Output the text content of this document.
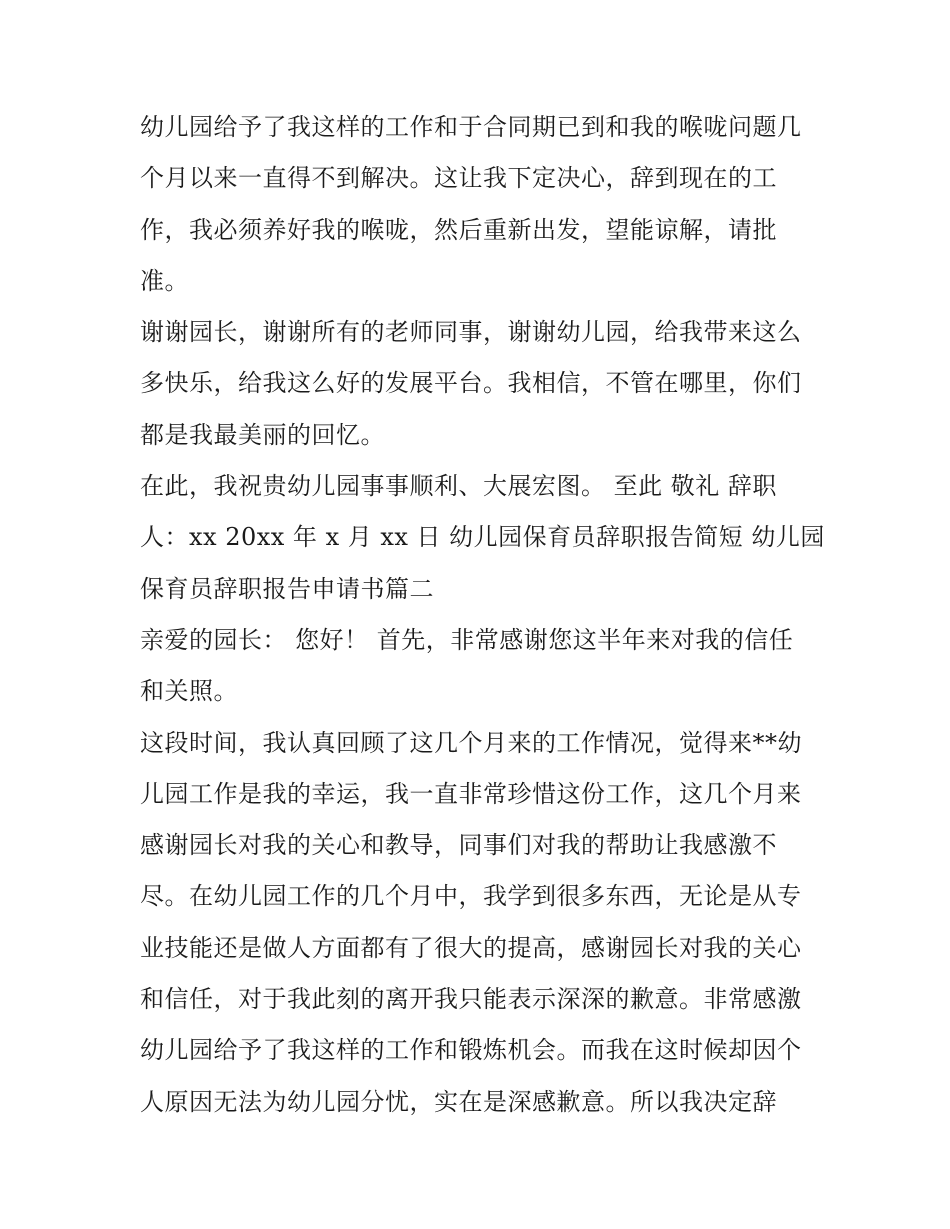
幼儿园给予了我这样的工作和于合同期已到和我的喉咙问题几
个月以来一直得不到解决。这让我下定决心，辞到现在的工
作，我必须养好我的喉咙，然后重新出发，望能谅解，请批
准。
谢谢园长，谢谢所有的老师同事，谢谢幼儿园，给我带来这么
多快乐，给我这么好的发展平台。我相信，不管在哪里，你们
都是我最美丽的回忆。
在此，我祝贵幼儿园事事顺利、大展宏图。 至此 敬礼 辞职
人：xx 20xx 年 x 月 xx 日 幼儿园保育员辞职报告简短 幼儿园
保育员辞职报告申请书篇二
亲爱的园长： 您好！ 首先，非常感谢您这半年来对我的信任
和关照。
这段时间，我认真回顾了这几个月来的工作情况，觉得来**幼
儿园工作是我的幸运，我一直非常珍惜这份工作，这几个月来
感谢园长对我的关心和教导，同事们对我的帮助让我感激不
尽。在幼儿园工作的几个月中，我学到很多东西，无论是从专
业技能还是做人方面都有了很大的提高，感谢园长对我的关心
和信任，对于我此刻的离开我只能表示深深的歉意。非常感激
幼儿园给予了我这样的工作和锻炼机会。而我在这时候却因个
人原因无法为幼儿园分忧，实在是深感歉意。所以我决定辞
